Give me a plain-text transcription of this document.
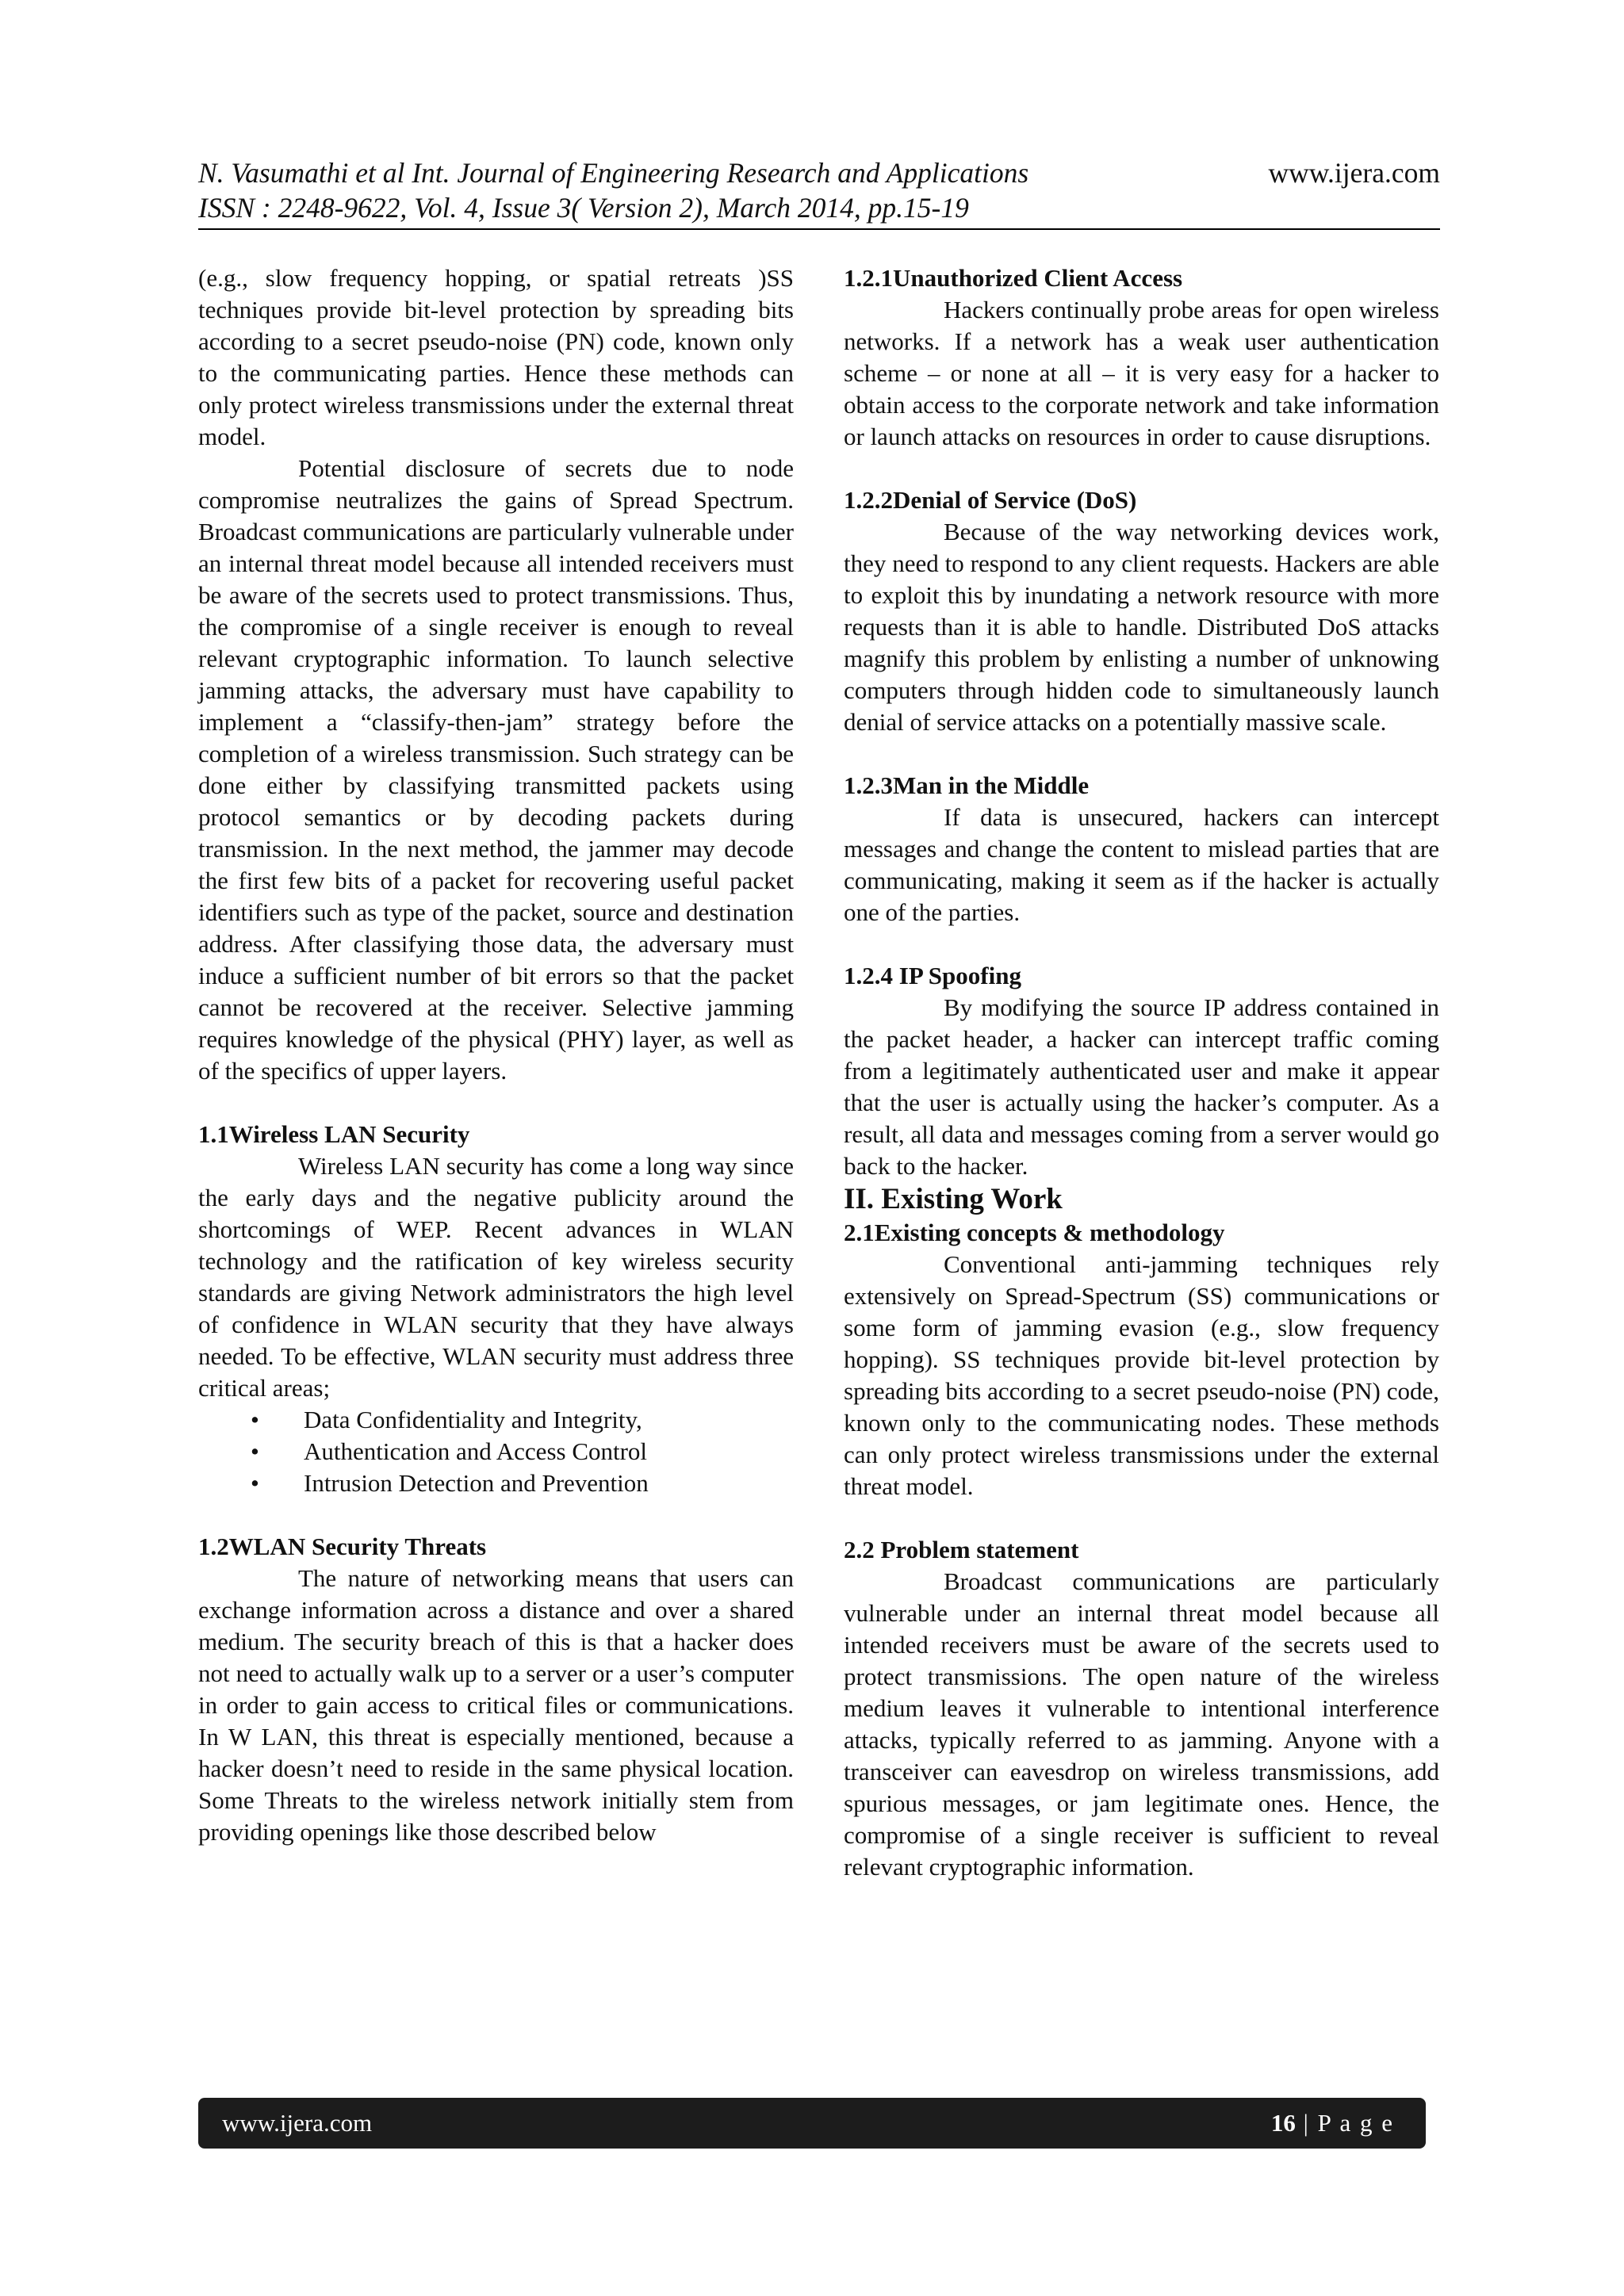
N. Vasumathi et al Int. Journal of Engineering Research and Applications	www.ijera.com
ISSN : 2248-9622, Vol. 4, Issue 3( Version 2), March 2014, pp.15-19

(e.g., slow frequency hopping, or spatial retreats )SS techniques provide bit-level protection by spreading bits according to a secret pseudo-noise (PN) code, known only to the communicating parties. Hence these methods can only protect wireless transmissions under the external threat model.

Potential disclosure of secrets due to node compromise neutralizes the gains of Spread Spectrum. Broadcast communications are particularly vulnerable under an internal threat model because all intended receivers must be aware of the secrets used to protect transmissions. Thus, the compromise of a single receiver is enough to reveal relevant cryptographic information. To launch selective jamming attacks, the adversary must have capability to implement a “classify-then-jam” strategy before the completion of a wireless transmission. Such strategy can be done either by classifying transmitted packets using protocol semantics or by decoding packets during transmission. In the next method, the jammer may decode the first few bits of a packet for recovering useful packet identifiers such as type of the packet, source and destination address. After classifying those data, the adversary must induce a sufficient number of bit errors so that the packet cannot be recovered at the receiver. Selective jamming requires knowledge of the physical (PHY) layer, as well as of the specifics of upper layers.

1.1Wireless LAN Security

Wireless LAN security has come a long way since the early days and the negative publicity around the shortcomings of WEP. Recent advances in WLAN technology and the ratification of key wireless security standards are giving Network administrators the high level of confidence in WLAN security that they have always needed. To be effective, WLAN security must address three critical areas;

• Data Confidentiality and Integrity,
• Authentication and Access Control
• Intrusion Detection and Prevention

1.2WLAN Security Threats

The nature of networking means that users can exchange information across a distance and over a shared medium. The security breach of this is that a hacker does not need to actually walk up to a server or a user’s computer in order to gain access to critical files or communications. In W LAN, this threat is especially mentioned, because a hacker doesn’t need to reside in the same physical location. Some Threats to the wireless network initially stem from providing openings like those described below

1.2.1Unauthorized Client Access

Hackers continually probe areas for open wireless networks. If a network has a weak user authentication scheme – or none at all – it is very easy for a hacker to obtain access to the corporate network and take information or launch attacks on resources in order to cause disruptions.

1.2.2Denial of Service (DoS)

Because of the way networking devices work, they need to respond to any client requests. Hackers are able to exploit this by inundating a network resource with more requests than it is able to handle. Distributed DoS attacks magnify this problem by enlisting a number of unknowing computers through hidden code to simultaneously launch denial of service attacks on a potentially massive scale.

1.2.3Man in the Middle

If data is unsecured, hackers can intercept messages and change the content to mislead parties that are communicating, making it seem as if the hacker is actually one of the parties.

1.2.4 IP Spoofing

By modifying the source IP address contained in the packet header, a hacker can intercept traffic coming from a legitimately authenticated user and make it appear that the user is actually using the hacker’s computer. As a result, all data and messages coming from a server would go back to the hacker.

II. Existing Work

2.1Existing concepts & methodology

Conventional anti-jamming techniques rely extensively on Spread-Spectrum (SS) communications or some form of jamming evasion (e.g., slow frequency hopping). SS techniques provide bit-level protection by spreading bits according to a secret pseudo-noise (PN) code, known only to the communicating nodes. These methods can only protect wireless transmissions under the external threat model.

2.2 Problem statement

Broadcast communications are particularly vulnerable under an internal threat model because all intended receivers must be aware of the secrets used to protect transmissions. The open nature of the wireless medium leaves it vulnerable to intentional interference attacks, typically referred to as jamming. Anyone with a transceiver can eavesdrop on wireless transmissions, add spurious messages, or jam legitimate ones. Hence, the compromise of a single receiver is sufficient to reveal relevant cryptographic information.

www.ijera.com	16 | P a g e
